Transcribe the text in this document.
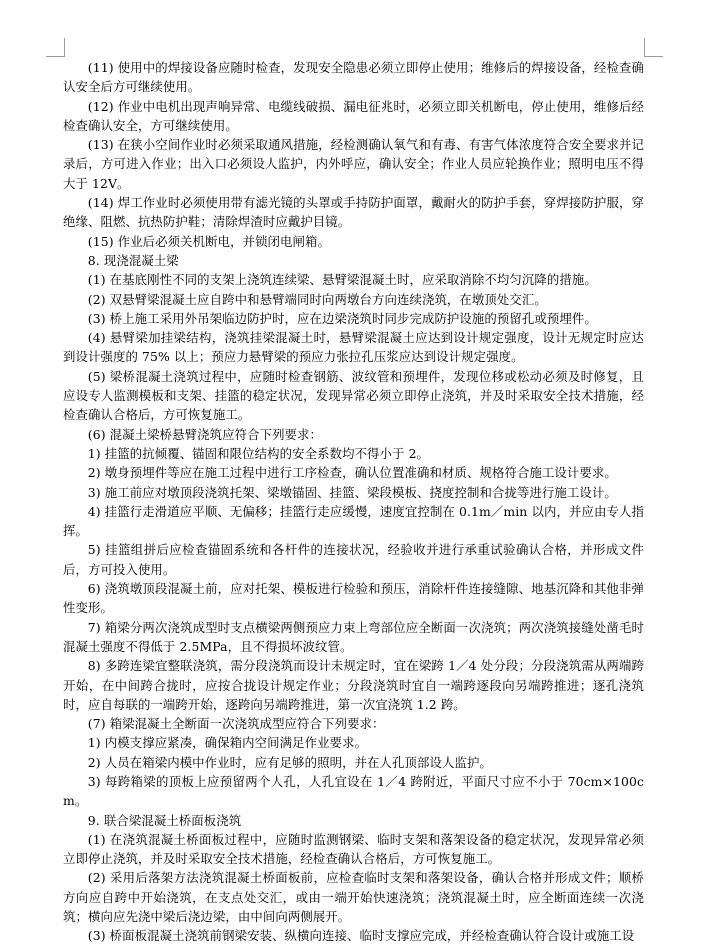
(11) 使用中的焊接设备应随时检查，发现安全隐患必须立即停止使用；维修后的焊接设备，经检查确认安全后方可继续使用。

(12) 作业中电机出现声响异常、电缆线破损、漏电征兆时，必须立即关机断电，停止使用，维修后经检查确认安全，方可继续使用。

(13) 在狭小空间作业时必须采取通风措施，经检测确认氧气和有毒、有害气体浓度符合安全要求并记录后，方可进入作业；出入口必须设人监护，内外呼应，确认安全；作业人员应轮换作业；照明电压不得大于 12V。

(14) 焊工作业时必须使用带有滤光镜的头罩或手持防护面罩，戴耐火的防护手套，穿焊接防护服，穿绝缘、阻燃、抗热防护鞋；清除焊渣时应戴护目镜。

(15) 作业后必须关机断电，并锁闭电闸箱。

8. 现浇混凝土梁

(1) 在基底刚性不同的支架上浇筑连续梁、悬臂梁混凝土时，应采取消除不均匀沉降的措施。

(2) 双悬臂梁混凝土应自跨中和悬臂端同时向两墩台方向连续浇筑，在墩顶处交汇。

(3) 桥上施工采用外吊架临边防护时，应在边梁浇筑时同步完成防护设施的预留孔或预埋件。

(4) 悬臂梁加挂梁结构，浇筑挂梁混凝土时，悬臂梁混凝土应达到设计规定强度，设计无规定时应达到设计强度的 75% 以上；预应力悬臂梁的预应力张拉孔压浆应达到设计规定强度。

(5) 梁桥混凝土浇筑过程中，应随时检查钢筋、波纹管和预埋件，发现位移或松动必须及时修复，且应设专人监测模板和支架、挂篮的稳定状况，发现异常必须立即停止浇筑，并及时采取安全技术措施，经检查确认合格后，方可恢复施工。

(6) 混凝土梁桥悬臂浇筑应符合下列要求：

1) 挂篮的抗倾覆、锚固和限位结构的安全系数均不得小于 2。

2) 墩身预埋件等应在施工过程中进行工序检查，确认位置准确和材质、规格符合施工设计要求。

3) 施工前应对墩顶段浇筑托架、梁墩锚固、挂篮、梁段模板、挠度控制和合拢等进行施工设计。

4) 挂篮行走滑道应平顺、无偏移；挂篮行走应缓慢，速度宜控制在 0.1m／min 以内，并应由专人指挥。

5) 挂篮组拼后应检查锚固系统和各杆件的连接状况，经验收并进行承重试验确认合格，并形成文件后，方可投入使用。

6) 浇筑墩顶段混凝土前，应对托架、模板进行检验和预压，消除杆件连接缝隙、地基沉降和其他非弹性变形。

7) 箱梁分两次浇筑成型时支点横梁两侧预应力束上弯部位应全断面一次浇筑；两次浇筑接缝处凿毛时混凝土强度不得低于 2.5MPa，且不得损坏波纹管。

8) 多跨连梁宜整联浇筑，需分段浇筑而设计未规定时，宜在梁跨 1／4 处分段；分段浇筑需从两端跨开始，在中间跨合拢时，应按合拢设计规定作业；分段浇筑时宜自一端跨逐段向另端跨推进；逐孔浇筑时，应自每联的一端跨开始，逐跨向另端跨推进，第一次宜浇筑 1.2 跨。

(7) 箱梁混凝土全断面一次浇筑成型应符合下列要求：

1) 内模支撑应紧凑，确保箱内空间满足作业要求。

2) 人员在箱梁内模中作业时，应有足够的照明，并在人孔顶部设人监护。

3) 每跨箱梁的顶板上应预留两个人孔，人孔宜设在 1／4 跨附近，平面尺寸应不小于 70cm×100cm。

9. 联合梁混凝土桥面板浇筑

(1) 在浇筑混凝土桥面板过程中，应随时监测钢梁、临时支架和落架设备的稳定状况，发现异常必须立即停止浇筑，并及时采取安全技术措施，经检查确认合格后，方可恢复施工。

(2) 采用后落架方法浇筑混凝土桥面板前，应检查临时支架和落架设备，确认合格并形成文件；顺桥方向应自跨中开始浇筑，在支点处交汇，或由一端开始快速浇筑；浇筑混凝土时，应全断面连续一次浇筑；横向应先浇中梁后浇边梁，由中间向两侧展开。

(3) 桥面板混凝土浇筑前钢梁安装、纵横向连接、临时支撑应完成，并经检查确认符合设计或施工设
